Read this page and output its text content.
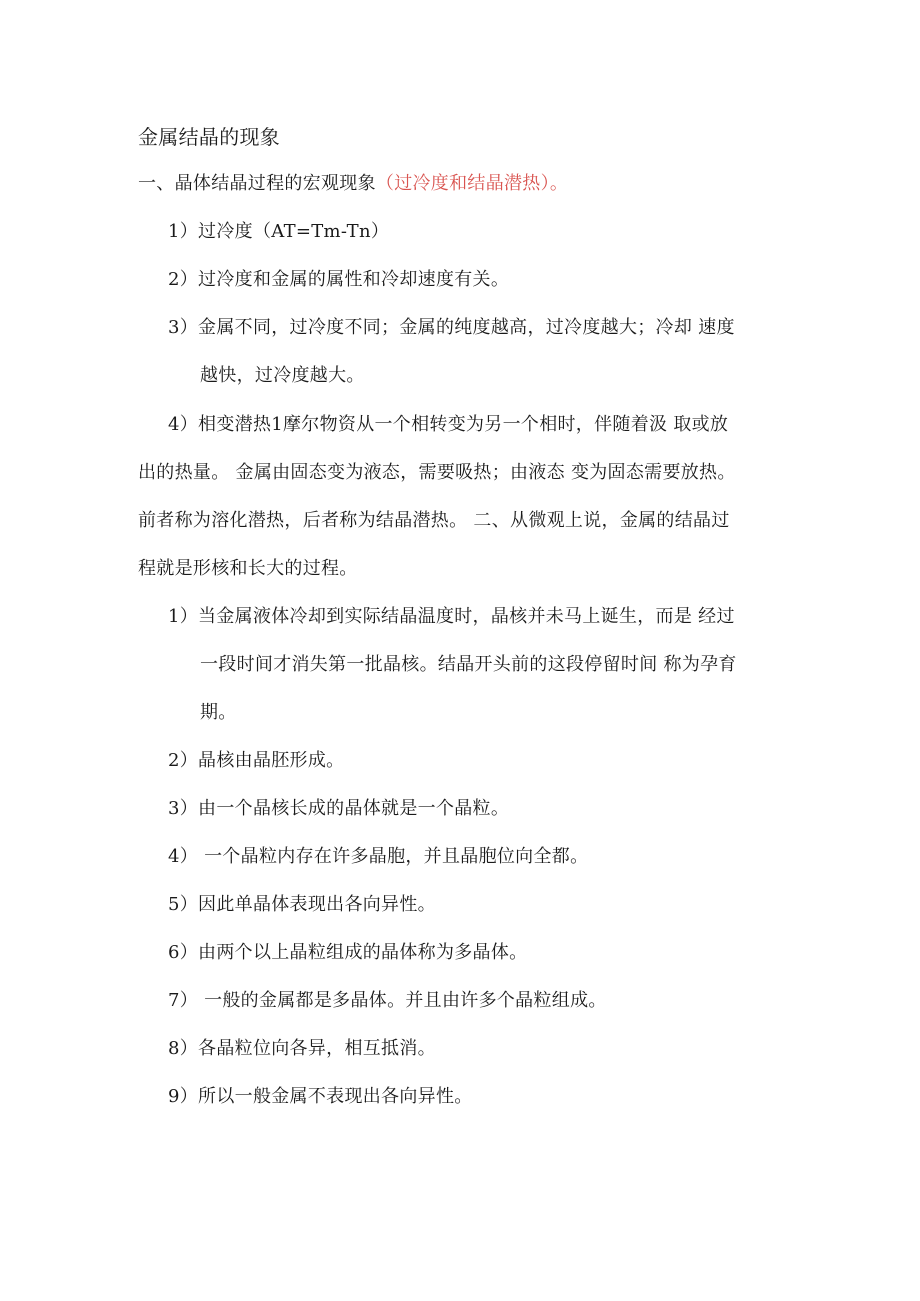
金属结晶的现象
一、晶体结晶过程的宏观现象（过冷度和结晶潜热）。
1）过冷度（AT=Tm-Tn）
2）过冷度和金属的属性和冷却速度有关。
3）金属不同，过冷度不同；金属的纯度越高，过冷度越大；冷却 速度
越快，过冷度越大。
4）相变潜热1摩尔物资从一个相转变为另一个相时，伴随着汲 取或放
出的热量。 金属由固态变为液态，需要吸热；由液态 变为固态需要放热。
前者称为溶化潜热，后者称为结晶潜热。 二、从微观上说，金属的结晶过
程就是形核和长大的过程。
1）当金属液体冷却到实际结晶温度时，晶核并未马上诞生，而是 经过
一段时间才消失第一批晶核。结晶开头前的这段停留时间 称为孕育
期。
2）晶核由晶胚形成。
3）由一个晶核长成的晶体就是一个晶粒。
4） 一个晶粒内存在许多晶胞，并且晶胞位向全都。
5）因此单晶体表现出各向异性。
6）由两个以上晶粒组成的晶体称为多晶体。
7） 一般的金属都是多晶体。并且由许多个晶粒组成。
8）各晶粒位向各异，相互抵消。
9）所以一般金属不表现出各向异性。
